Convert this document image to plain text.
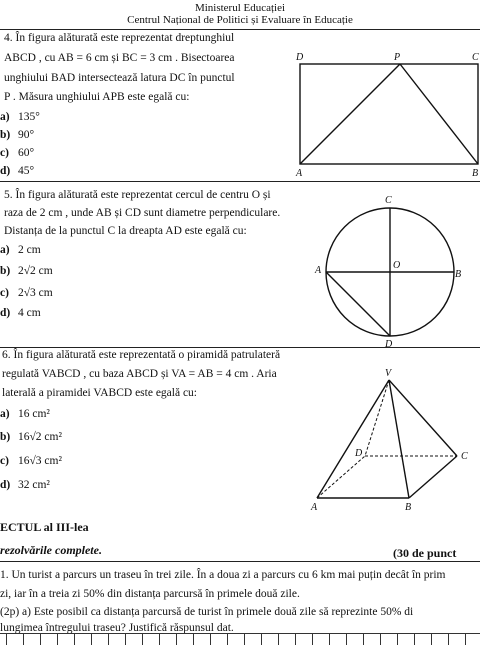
Ministerul Educației
Centrul Național de Politici și Evaluare în Educație
4. În figura alăturată este reprezentat dreptunghiul
ABCD , cu AB = 6 cm și BC = 3 cm . Bisectoarea
unghiului BAD intersectează latura DC în punctul
P . Măsura unghiului APB este egală cu:
a) 135°
b) 90°
c) 60°
d) 45°
D	P	C
A	B
5. În figura alăturată este reprezentat cercul de centru O și
raza de 2 cm , unde AB și CD sunt diametre perpendiculare.
Distanța de la punctul C la dreapta AD este egală cu:
a) 2 cm
b) 2√2 cm
c) 2√3 cm
d) 4 cm
C
A	O
B
D
6. În figura alăturată este reprezentată o piramidă patrulateră
regulată VABCD , cu baza ABCD și VA = AB = 4 cm . Aria
laterală a piramidei VABCD este egală cu:
a) 16 cm²
b) 16√2 cm²
c) 16√3 cm²
d) 32 cm²
V
D	C
A	B
ECTUL al III-lea
rezolvările complete.	(30 de punct
1. Un turist a parcurs un traseu în trei zile. În a doua zi a parcurs cu 6 km mai puțin decât în prim
zi, iar în a treia zi 50% din distanța parcursă în primele două zile.
(2p) a) Este posibil ca distanța parcursă de turist în primele două zile să reprezinte 50% di
lungimea întregului traseu? Justifică răspunsul dat.
